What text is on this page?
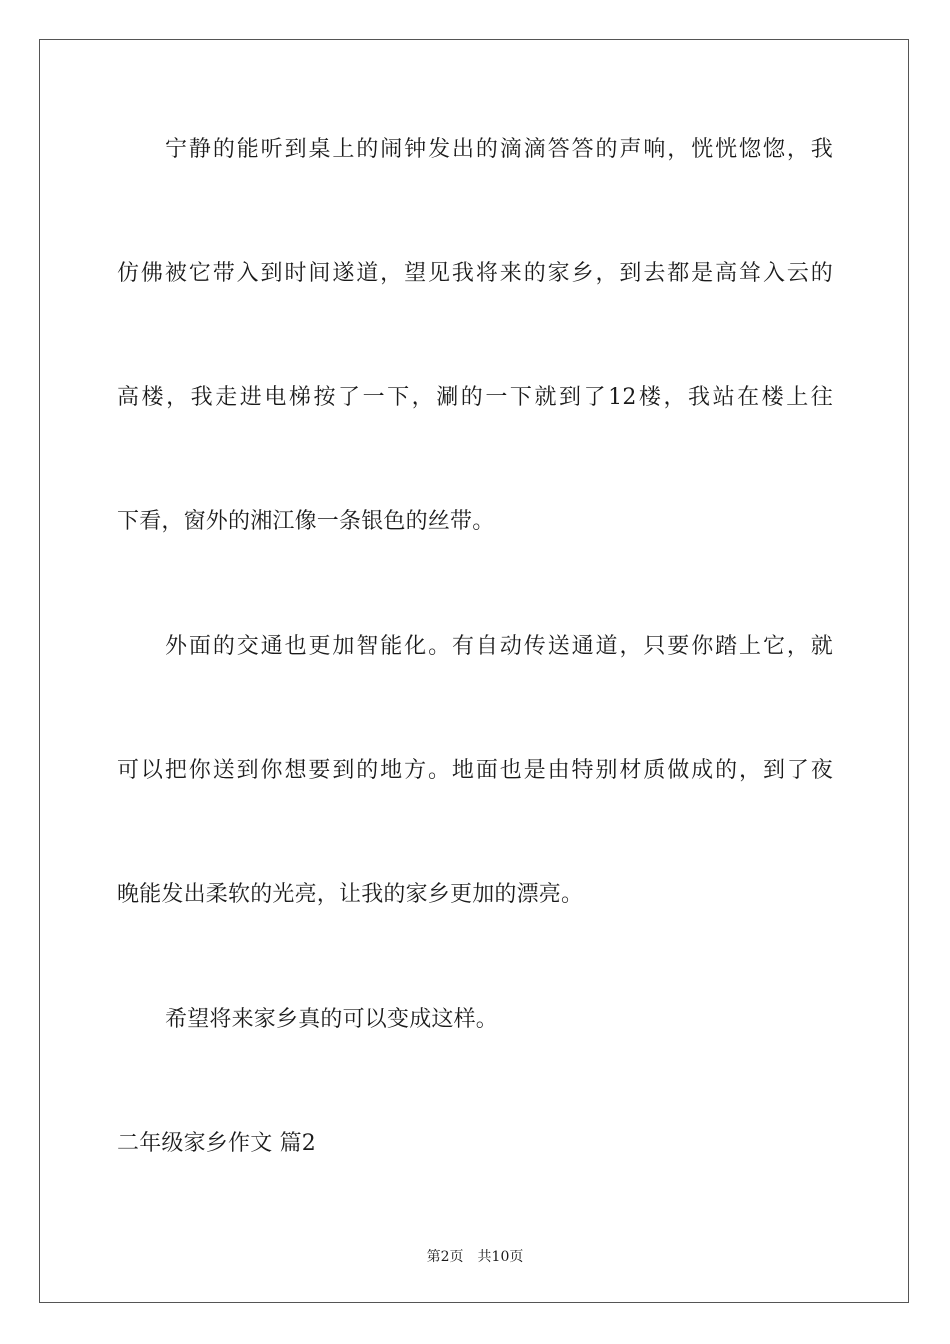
宁静的能听到桌上的闹钟发出的滴滴答答的声响，恍恍惚惚，我
仿佛被它带入到时间遂道，望见我将来的家乡，到去都是高耸入云的
高楼，我走进电梯按了一下，涮的一下就到了12楼，我站在楼上往
下看，窗外的湘江像一条银色的丝带。
外面的交通也更加智能化。有自动传送通道，只要你踏上它，就
可以把你送到你想要到的地方。地面也是由特别材质做成的，到了夜
晚能发出柔软的光亮，让我的家乡更加的漂亮。
希望将来家乡真的可以变成这样。
二年级家乡作文 篇2
第2页 共10页
